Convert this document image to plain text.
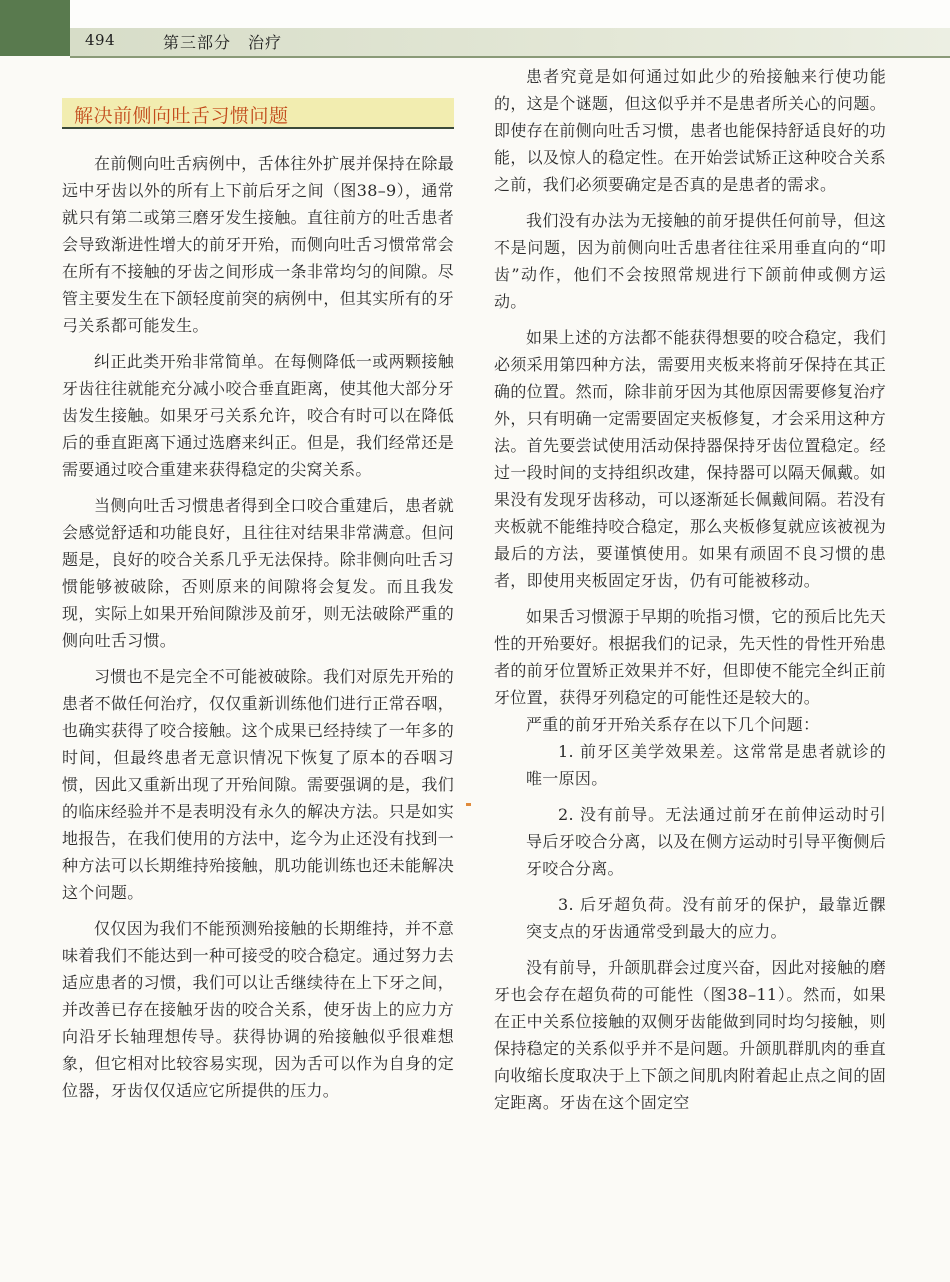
494	第三部分　治疗
解决前侧向吐舌习惯问题

在前侧向吐舌病例中，舌体往外扩展并保持在除最远中牙齿以外的所有上下前后牙之间（图38–9），通常就只有第二或第三磨牙发生接触。直往前方的吐舌患者会导致渐进性增大的前牙开殆，而侧向吐舌习惯常常会在所有不接触的牙齿之间形成一条非常均匀的间隙。尽管主要发生在下颌轻度前突的病例中，但其实所有的牙弓关系都可能发生。

纠正此类开殆非常简单。在每侧降低一或两颗接触牙齿往往就能充分减小咬合垂直距离，使其他大部分牙齿发生接触。如果牙弓关系允许，咬合有时可以在降低后的垂直距离下通过选磨来纠正。但是，我们经常还是需要通过咬合重建来获得稳定的尖窝关系。

当侧向吐舌习惯患者得到全口咬合重建后，患者就会感觉舒适和功能良好，且往往对结果非常满意。但问题是，良好的咬合关系几乎无法保持。除非侧向吐舌习惯能够被破除，否则原来的间隙将会复发。而且我发现，实际上如果开殆间隙涉及前牙，则无法破除严重的侧向吐舌习惯。

习惯也不是完全不可能被破除。我们对原先开殆的患者不做任何治疗，仅仅重新训练他们进行正常吞咽，也确实获得了咬合接触。这个成果已经持续了一年多的时间，但最终患者无意识情况下恢复了原本的吞咽习惯，因此又重新出现了开殆间隙。需要强调的是，我们的临床经验并不是表明没有永久的解决方法。只是如实地报告，在我们使用的方法中，迄今为止还没有找到一种方法可以长期维持殆接触，肌功能训练也还未能解决这个问题。

仅仅因为我们不能预测殆接触的长期维持，并不意味着我们不能达到一种可接受的咬合稳定。通过努力去适应患者的习惯，我们可以让舌继续待在上下牙之间，并改善已存在接触牙齿的咬合关系，使牙齿上的应力方向沿牙长轴理想传导。获得协调的殆接触似乎很难想象，但它相对比较容易实现，因为舌可以作为自身的定位器，牙齿仅仅适应它所提供的压力。

患者究竟是如何通过如此少的殆接触来行使功能的，这是个谜题，但这似乎并不是患者所关心的问题。即使存在前侧向吐舌习惯，患者也能保持舒适良好的功能，以及惊人的稳定性。在开始尝试矫正这种咬合关系之前，我们必须要确定是否真的是患者的需求。

我们没有办法为无接触的前牙提供任何前导，但这不是问题，因为前侧向吐舌患者往往采用垂直向的“叩齿”动作，他们不会按照常规进行下颌前伸或侧方运动。

如果上述的方法都不能获得想要的咬合稳定，我们必须采用第四种方法，需要用夹板来将前牙保持在其正确的位置。然而，除非前牙因为其他原因需要修复治疗外，只有明确一定需要固定夹板修复，才会采用这种方法。首先要尝试使用活动保持器保持牙齿位置稳定。经过一段时间的支持组织改建，保持器可以隔天佩戴。如果没有发现牙齿移动，可以逐渐延长佩戴间隔。若没有夹板就不能维持咬合稳定，那么夹板修复就应该被视为最后的方法，要谨慎使用。如果有顽固不良习惯的患者，即使用夹板固定牙齿，仍有可能被移动。

如果舌习惯源于早期的吮指习惯，它的预后比先天性的开殆要好。根据我们的记录，先天性的骨性开殆患者的前牙位置矫正效果并不好，但即使不能完全纠正前牙位置，获得牙列稳定的可能性还是较大的。

严重的前牙开殆关系存在以下几个问题：

1. 前牙区美学效果差。这常常是患者就诊的唯一原因。

2. 没有前导。无法通过前牙在前伸运动时引导后牙咬合分离，以及在侧方运动时引导平衡侧后牙咬合分离。

3. 后牙超负荷。没有前牙的保护，最靠近髁突支点的牙齿通常受到最大的应力。

没有前导，升颌肌群会过度兴奋，因此对接触的磨牙也会存在超负荷的可能性（图38–11）。然而，如果在正中关系位接触的双侧牙齿能做到同时均匀接触，则保持稳定的关系似乎并不是问题。升颌肌群肌肉的垂直向收缩长度取决于上下颌之间肌肉附着起止点之间的固定距离。牙齿在这个固定空
